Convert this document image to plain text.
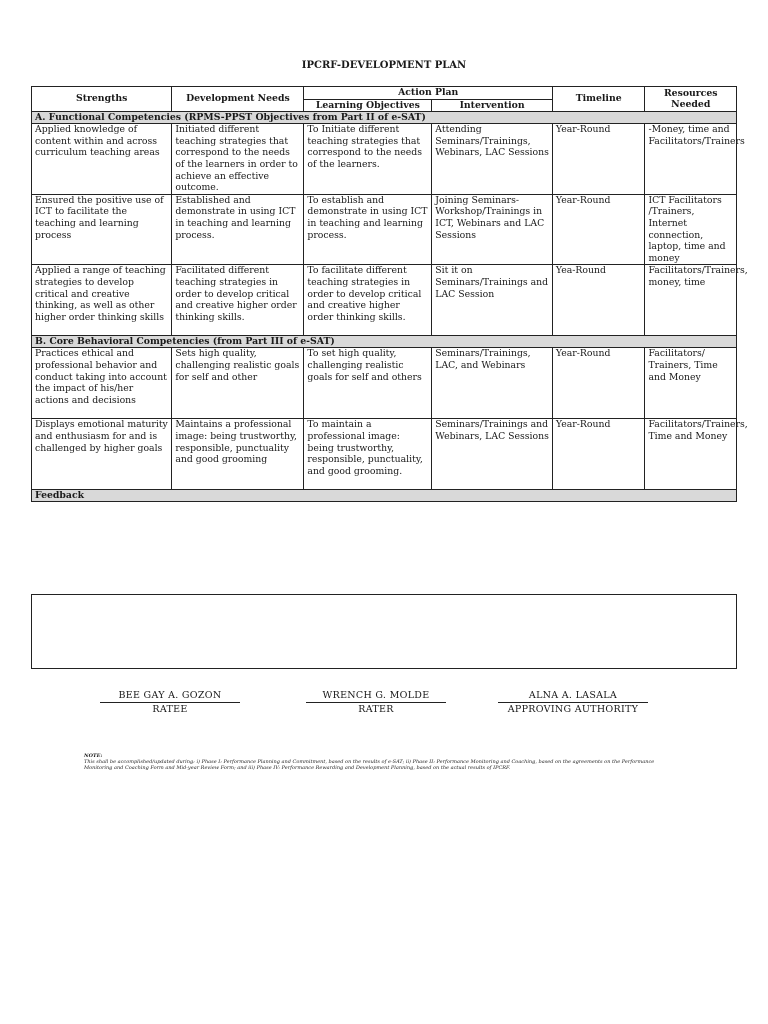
IPCRF-DEVELOPMENT PLAN
Strengths	Development Needs	Action Plan		Timeline	Resources Needed
		Learning Objectives	Intervention		
A. Functional Competencies (RPMS-PPST Objectives from Part II of e-SAT)					
Applied knowledge of content within and across curriculum teaching areas	Initiated different teaching strategies that correspond to the needs of the learners in order to achieve an effective outcome.	To Initiate different teaching strategies that correspond to the needs of the learners.	Attending Seminars/Trainings, Webinars, LAC Sessions	Year-Round	-Money, time and Facilitators/Trainers
Ensured the positive use of ICT to facilitate the teaching and learning process	Established and demonstrate in using ICT in teaching and learning process.	To establish and demonstrate in using ICT in teaching and learning process.	Joining Seminars-Workshop/Trainings in ICT, Webinars and LAC Sessions	Year-Round	ICT Facilitators /Trainers, Internet connection, laptop, time and money
Applied a range of teaching strategies to develop critical and creative thinking, as well as other higher order thinking skills	Facilitated different teaching strategies in order to develop critical and creative higher order thinking skills.	To facilitate different teaching strategies in order to develop critical and creative higher order thinking skills.	Sit it on Seminars/Trainings and LAC Session	Yea-Round	Facilitators/Trainers, money, time
B. Core Behavioral Competencies (from Part III of e-SAT)					
Practices ethical and professional behavior and conduct taking into account the impact of his/her actions and decisions	Sets high quality, challenging realistic goals for self and other	To set high quality, challenging realistic goals for self and others	Seminars/Trainings, LAC, and Webinars	Year-Round	Facilitators/ Trainers, Time and Money
Displays emotional maturity and enthusiasm for and is challenged by higher goals	Maintains a professional image: being trustworthy, responsible, punctuality and good grooming	To maintain a professional image: being trustworthy, responsible, punctuality, and good grooming.	Seminars/Trainings and Webinars, LAC Sessions	Year-Round	Facilitators/Trainers, Time and Money
Feedback					
BEE GAY A. GOZON
RATEE
WRENCH G. MOLDE
RATER
ALNA A. LASALA
APPROVING AUTHORITY
NOTE:
This shall be accomplished/updated during: i) Phase I: Performance Planning and Commitment, based on the results of e-SAT; ii) Phase II: Performance Monitoring and Coaching, based on the agreements on the Performance Monitoring and Coaching Form and Mid-year Review Form; and iii) Phase IV: Performance Rewarding and Development Planning, based on the actual results of IPCRF.
